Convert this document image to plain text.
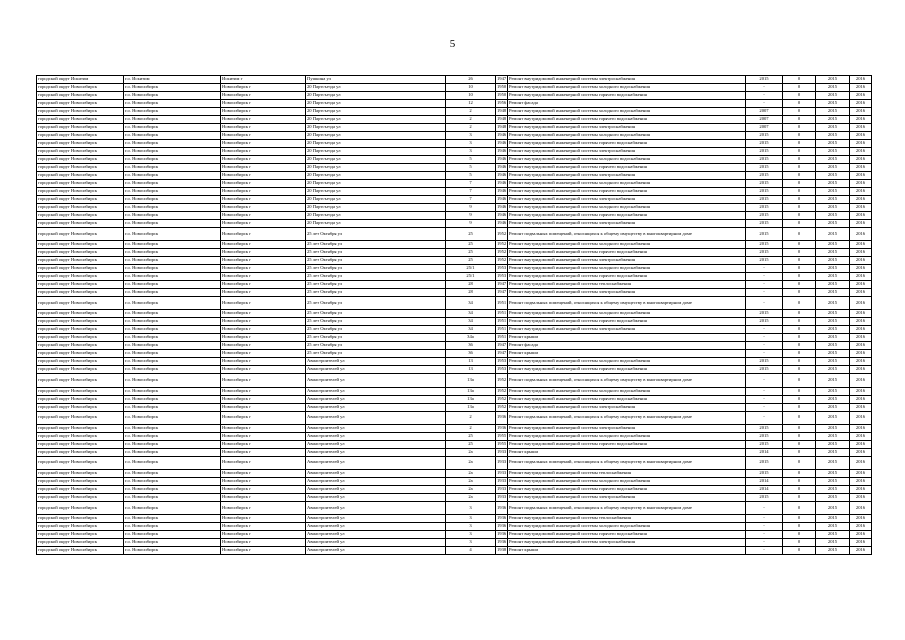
5
городской округ Искитим	г.о. Искитим	Искитим г	Пушкина ул	26	1947	Ремонт внутридомовой инженерной системы электроснабжения	2015	0	2015	2016
городской округ Новосибирск	г.о. Новосибирск	Новосибирск г	20 Партсъезда ул	10	1950	Ремонт внутридомовой инженерной системы холодного водоснабжения	-	0	2015	2016
городской округ Новосибирск	г.о. Новосибирск	Новосибирск г	20 Партсъезда ул	10	1950	Ремонт внутридомовой инженерной системы горячего водоснабжения	-	0	2015	2016
городской округ Новосибирск	г.о. Новосибирск	Новосибирск г	20 Партсъезда ул	12	1956	Ремонт фасада	-	0	2015	2016
городской округ Новосибирск	г.о. Новосибирск	Новосибирск г	20 Партсъезда ул	2	1948	Ремонт внутридомовой инженерной системы холодного водоснабжения	2007	0	2015	2016
городской округ Новосибирск	г.о. Новосибирск	Новосибирск г	20 Партсъезда ул	2	1948	Ремонт внутридомовой инженерной системы горячего водоснабжения	2007	0	2015	2016
городской округ Новосибирск	г.о. Новосибирск	Новосибирск г	20 Партсъезда ул	2	1948	Ремонт внутридомовой инженерной системы электроснабжения	2007	0	2015	2016
городской округ Новосибирск	г.о. Новосибирск	Новосибирск г	20 Партсъезда ул	3	1946	Ремонт внутридомовой инженерной системы холодного водоснабжения	2015	0	2015	2016
городской округ Новосибирск	г.о. Новосибирск	Новосибирск г	20 Партсъезда ул	3	1946	Ремонт внутридомовой инженерной системы горячего водоснабжения	2015	0	2015	2016
городской округ Новосибирск	г.о. Новосибирск	Новосибирск г	20 Партсъезда ул	3	1946	Ремонт внутридомовой инженерной системы электроснабжения	2015	0	2015	2016
городской округ Новосибирск	г.о. Новосибирск	Новосибирск г	20 Партсъезда ул	5	1946	Ремонт внутридомовой инженерной системы холодного водоснабжения	2015	0	2015	2016
городской округ Новосибирск	г.о. Новосибирск	Новосибирск г	20 Партсъезда ул	5	1946	Ремонт внутридомовой инженерной системы горячего водоснабжения	2015	0	2015	2016
городской округ Новосибирск	г.о. Новосибирск	Новосибирск г	20 Партсъезда ул	5	1946	Ремонт внутридомовой инженерной системы электроснабжения	2015	0	2015	2016
городской округ Новосибирск	г.о. Новосибирск	Новосибирск г	20 Партсъезда ул	7	1946	Ремонт внутридомовой инженерной системы холодного водоснабжения	2015	0	2015	2016
городской округ Новосибирск	г.о. Новосибирск	Новосибирск г	20 Партсъезда ул	7	1946	Ремонт внутридомовой инженерной системы горячего водоснабжения	2015	0	2015	2016
городской округ Новосибирск	г.о. Новосибирск	Новосибирск г	20 Партсъезда ул	7	1946	Ремонт внутридомовой инженерной системы электроснабжения	2015	0	2015	2016
городской округ Новосибирск	г.о. Новосибирск	Новосибирск г	20 Партсъезда ул	9	1946	Ремонт внутридомовой инженерной системы холодного водоснабжения	2015	0	2015	2016
городской округ Новосибирск	г.о. Новосибирск	Новосибирск г	20 Партсъезда ул	9	1946	Ремонт внутридомовой инженерной системы горячего водоснабжения	2015	0	2015	2016
городской округ Новосибирск	г.о. Новосибирск	Новосибирск г	20 Партсъезда ул	9	1946	Ремонт внутридомовой инженерной системы электроснабжения	2015	0	2015	2016
городской округ Новосибирск	г.о. Новосибирск	Новосибирск г	25 лет Октября ул	25	1952	Ремонт подвальных помещений, относящихся к общему имуществу в многоквартирном доме	2015	0	2015	2016
городской округ Новосибирск	г.о. Новосибирск	Новосибирск г	25 лет Октября ул	25	1952	Ремонт внутридомовой инженерной системы холодного водоснабжения	2015	0	2015	2016
городской округ Новосибирск	г.о. Новосибирск	Новосибирск г	25 лет Октября ул	25	1952	Ремонт внутридомовой инженерной системы горячего водоснабжения	2015	0	2015	2016
городской округ Новосибирск	г.о. Новосибирск	Новосибирск г	25 лет Октября ул	25	1952	Ремонт внутридомовой инженерной системы электроснабжения	2015	0	2015	2016
городской округ Новосибирск	г.о. Новосибирск	Новосибирск г	25 лет Октября ул	25/1	1953	Ремонт внутридомовой инженерной системы холодного водоснабжения	-	0	2015	2016
городской округ Новосибирск	г.о. Новосибирск	Новосибирск г	25 лет Октября ул	25/1	1953	Ремонт внутридомовой инженерной системы горячего водоснабжения	-	0	2015	2016
городской округ Новосибирск	г.о. Новосибирск	Новосибирск г	25 лет Октября ул	28	1947	Ремонт внутридомовой инженерной системы теплоснабжения	-	0	2015	2016
городской округ Новосибирск	г.о. Новосибирск	Новосибирск г	25 лет Октября ул	28	1947	Ремонт внутридомовой инженерной системы электроснабжения	-	0	2015	2016
городской округ Новосибирск	г.о. Новосибирск	Новосибирск г	25 лет Октября ул	34	1951	Ремонт подвальных помещений, относящихся к общему имуществу в многоквартирном доме	-	0	2015	2016
городской округ Новосибирск	г.о. Новосибирск	Новосибирск г	25 лет Октября ул	34	1951	Ремонт внутридомовой инженерной системы холодного водоснабжения	2015	0	2015	2016
городской округ Новосибирск	г.о. Новосибирск	Новосибирск г	25 лет Октября ул	34	1951	Ремонт внутридомовой инженерной системы горячего водоснабжения	2015	0	2015	2016
городской округ Новосибирск	г.о. Новосибирск	Новосибирск г	25 лет Октября ул	34	1951	Ремонт внутридомовой инженерной системы электроснабжения	-	0	2015	2016
городской округ Новосибирск	г.о. Новосибирск	Новосибирск г	25 лет Октября ул	34а	1951	Ремонт крыши	-	0	2015	2016
городской округ Новосибирск	г.о. Новосибирск	Новосибирск г	25 лет Октября ул	36	1947	Ремонт фасада	-	0	2015	2016
городской округ Новосибирск	г.о. Новосибирск	Новосибирск г	25 лет Октября ул	36	1947	Ремонт крыши	-	0	2015	2016
городской округ Новосибирск	г.о. Новосибирск	Новосибирск г	Авиастроителей ул	13	1953	Ремонт внутридомовой инженерной системы холодного водоснабжения	2015	0	2015	2016
городской округ Новосибирск	г.о. Новосибирск	Новосибирск г	Авиастроителей ул	13	1953	Ремонт внутридомовой инженерной системы горячего водоснабжения	2015	0	2015	2016
городской округ Новосибирск	г.о. Новосибирск	Новосибирск г	Авиастроителей ул	13а	1952	Ремонт подвальных помещений, относящихся к общему имуществу в многоквартирном доме	-	0	2015	2016
городской округ Новосибирск	г.о. Новосибирск	Новосибирск г	Авиастроителей ул	13а	1952	Ремонт внутридомовой инженерной системы холодного водоснабжения	-	0	2015	2016
городской округ Новосибирск	г.о. Новосибирск	Новосибирск г	Авиастроителей ул	13а	1952	Ремонт внутридомовой инженерной системы горячего водоснабжения	-	0	2015	2016
городской округ Новосибирск	г.о. Новосибирск	Новосибирск г	Авиастроителей ул	13а	1952	Ремонт внутридомовой инженерной системы электроснабжения	-	0	2015	2016
городской округ Новосибирск	г.о. Новосибирск	Новосибирск г	Авиастроителей ул	2	1936	Ремонт подвальных помещений, относящихся к общему имуществу в многоквартирном доме	-	0	2015	2016
городской округ Новосибирск	г.о. Новосибирск	Новосибирск г	Авиастроителей ул	2	1936	Ремонт внутридомовой инженерной системы электроснабжения	2015	0	2015	2016
городской округ Новосибирск	г.о. Новосибирск	Новосибирск г	Авиастроителей ул	25	1955	Ремонт внутридомовой инженерной системы холодного водоснабжения	2015	0	2015	2016
городской округ Новосибирск	г.о. Новосибирск	Новосибирск г	Авиастроителей ул	25	1955	Ремонт внутридомовой инженерной системы горячего водоснабжения	2015	0	2015	2016
городской округ Новосибирск	г.о. Новосибирск	Новосибирск г	Авиастроителей ул	2а	1933	Ремонт крыши	2014	0	2015	2016
городской округ Новосибирск	г.о. Новосибирск	Новосибирск г	Авиастроителей ул	2а	1933	Ремонт подвальных помещений, относящихся к общему имуществу в многоквартирном доме	2015	0	2015	2016
городской округ Новосибирск	г.о. Новосибирск	Новосибирск г	Авиастроителей ул	2а	1933	Ремонт внутридомовой инженерной системы теплоснабжения	2015	0	2015	2016
городской округ Новосибирск	г.о. Новосибирск	Новосибирск г	Авиастроителей ул	2а	1933	Ремонт внутридомовой инженерной системы холодного водоснабжения	2014	0	2015	2016
городской округ Новосибирск	г.о. Новосибирск	Новосибирск г	Авиастроителей ул	2а	1933	Ремонт внутридомовой инженерной системы горячего водоснабжения	2014	0	2015	2016
городской округ Новосибирск	г.о. Новосибирск	Новосибирск г	Авиастроителей ул	2а	1933	Ремонт внутридомовой инженерной системы электроснабжения	2015	0	2015	2016
городской округ Новосибирск	г.о. Новосибирск	Новосибирск г	Авиастроителей ул	3	1936	Ремонт подвальных помещений, относящихся к общему имуществу в многоквартирном доме	-	0	2015	2016
городской округ Новосибирск	г.о. Новосибирск	Новосибирск г	Авиастроителей ул	3	1936	Ремонт внутридомовой инженерной системы теплоснабжения	-	0	2015	2016
городской округ Новосибирск	г.о. Новосибирск	Новосибирск г	Авиастроителей ул	3	1936	Ремонт внутридомовой инженерной системы холодного водоснабжения	-	0	2015	2016
городской округ Новосибирск	г.о. Новосибирск	Новосибирск г	Авиастроителей ул	3	1936	Ремонт внутридомовой инженерной системы горячего водоснабжения	-	0	2015	2016
городской округ Новосибирск	г.о. Новосибирск	Новосибирск г	Авиастроителей ул	3	1936	Ремонт внутридомовой инженерной системы электроснабжения	-	0	2015	2016
городской округ Новосибирск	г.о. Новосибирск	Новосибирск г	Авиастроителей ул	4	1938	Ремонт крыши	-	0	2015	2016
